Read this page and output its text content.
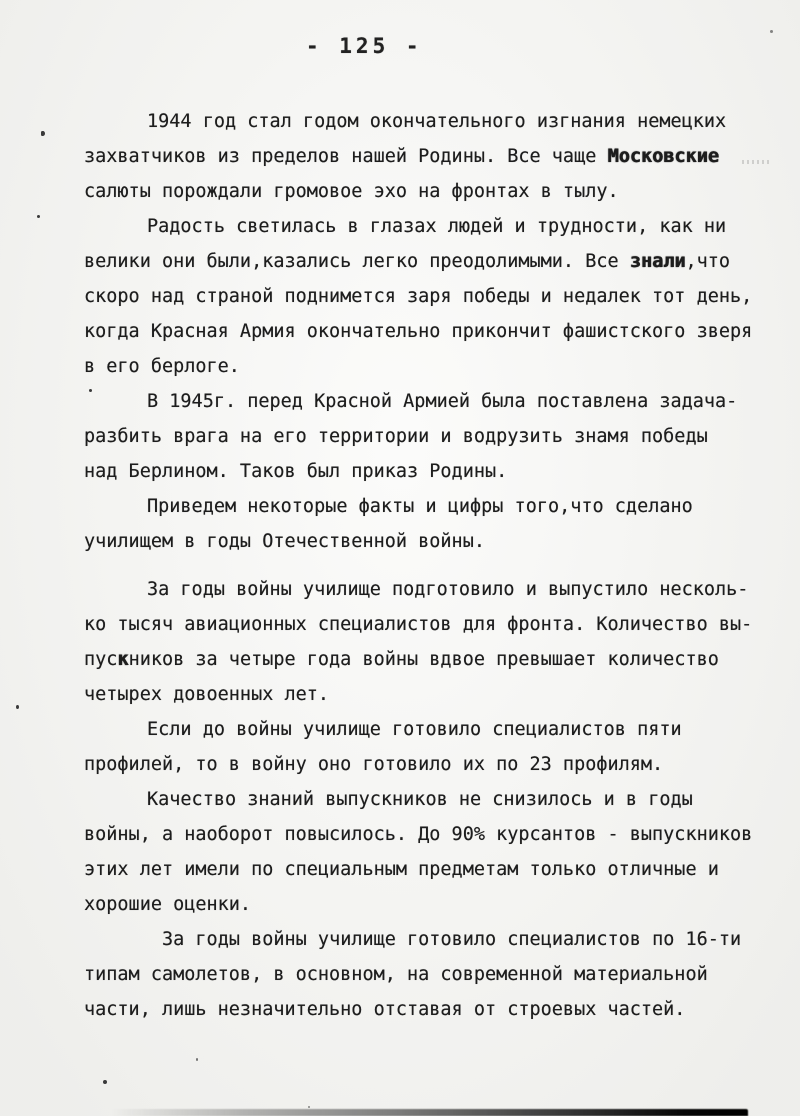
- 125 -
1944 год стал годом окончательного изгнания немецких
захватчиков из пределов нашей Родины. Все чаще Московские
салюты порождали громовое эхо на фронтах в тылу.
Радость светилась в глазах людей и трудности, как ни
велики они были,казались легко преодолимыми. Все знали,что
скоро над страной поднимется заря победы и недалек тот день,
когда Красная Армия окончательно прикончит фашистского зверя
в его берлоге.
В 1945г. перед Красной Армией была поставлена задача-
разбить врага на его территории и водрузить знамя победы
над Берлином. Таков был приказ Родины.
Приведем некоторые факты и цифры того,что сделано
училищем в годы Отечественной войны.
За годы войны училище подготовило и выпустило несколь-
ко тысяч авиационных специалистов для фронта. Количество вы-
пускников за четыре года войны вдвое превышает количество
четырех довоенных лет.
Если до войны училище готовило специалистов пяти
профилей, то в войну оно готовило их по 23 профилям.
Качество знаний выпускников не снизилось и в годы
войны, а наоборот повысилось. До 90% курсантов - выпускников
этих лет имели по специальным предметам только отличные и
хорошие оценки.
За годы войны училище готовило специалистов по 16-ти
типам самолетов, в основном, на современной материальной
части, лишь незначительно отставая от строевых частей.
